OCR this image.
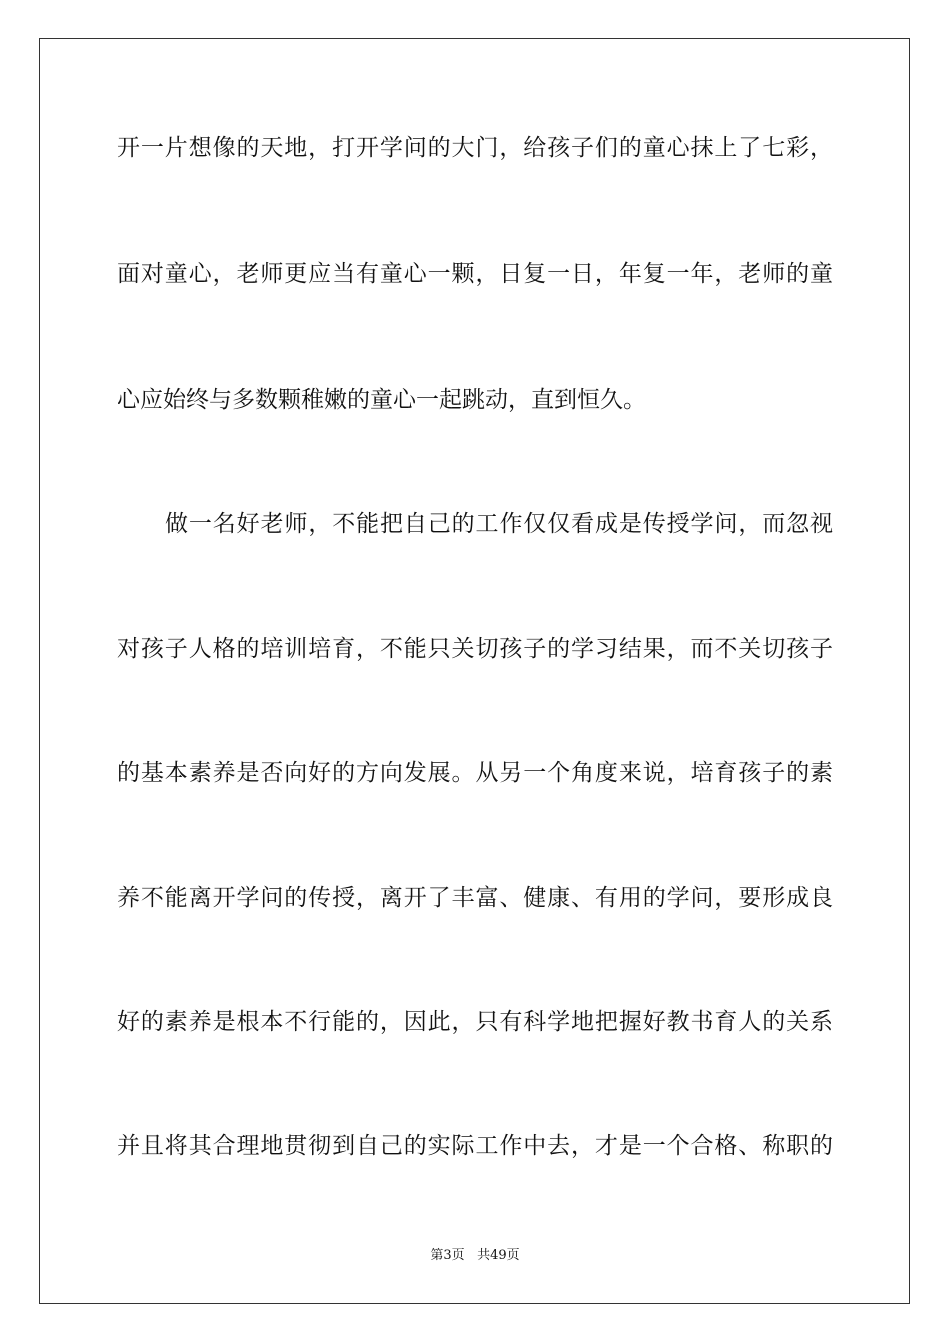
开一片想像的天地，打开学问的大门，给孩子们的童心抹上了七彩，
面对童心，老师更应当有童心一颗，日复一日，年复一年，老师的童
心应始终与多数颗稚嫩的童心一起跳动，直到恒久。
做一名好老师，不能把自己的工作仅仅看成是传授学问，而忽视
对孩子人格的培训培育，不能只关切孩子的学习结果，而不关切孩子
的基本素养是否向好的方向发展。从另一个角度来说，培育孩子的素
养不能离开学问的传授，离开了丰富、健康、有用的学问，要形成良
好的素养是根本不行能的，因此，只有科学地把握好教书育人的关系
并且将其合理地贯彻到自己的实际工作中去，才是一个合格、称职的
第3页 共49页
